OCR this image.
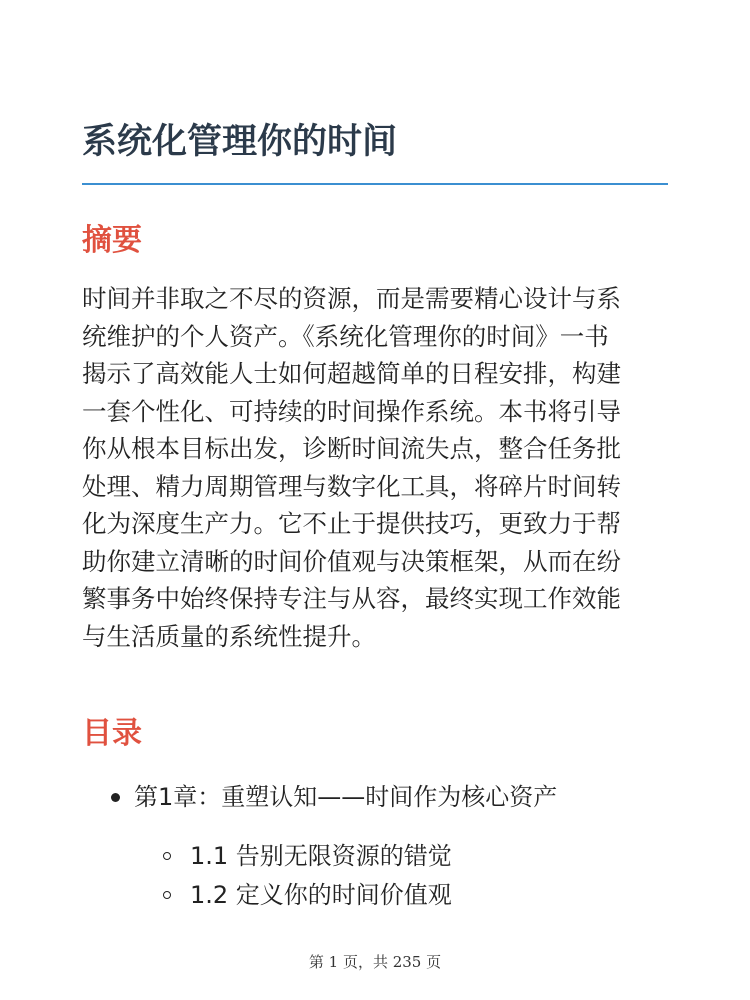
系统化管理你的时间
摘要

时间并非取之不尽的资源，而是需要精心设计与系
统维护的个人资产。《系统化管理你的时间》一书
揭示了高效能人士如何超越简单的日程安排，构建
一套个性化、可持续的时间操作系统。本书将引导
你从根本目标出发，诊断时间流失点，整合任务批
处理、精力周期管理与数字化工具，将碎片时间转
化为深度生产力。它不止于提供技巧，更致力于帮
助你建立清晰的时间价值观与决策框架，从而在纷
繁事务中始终保持专注与从容，最终实现工作效能
与生活质量的系统性提升。

目录
第1章：重塑认知——时间作为核心资产
1.1 告别无限资源的错觉
1.2 定义你的时间价值观
第 1 页，共 235 页
